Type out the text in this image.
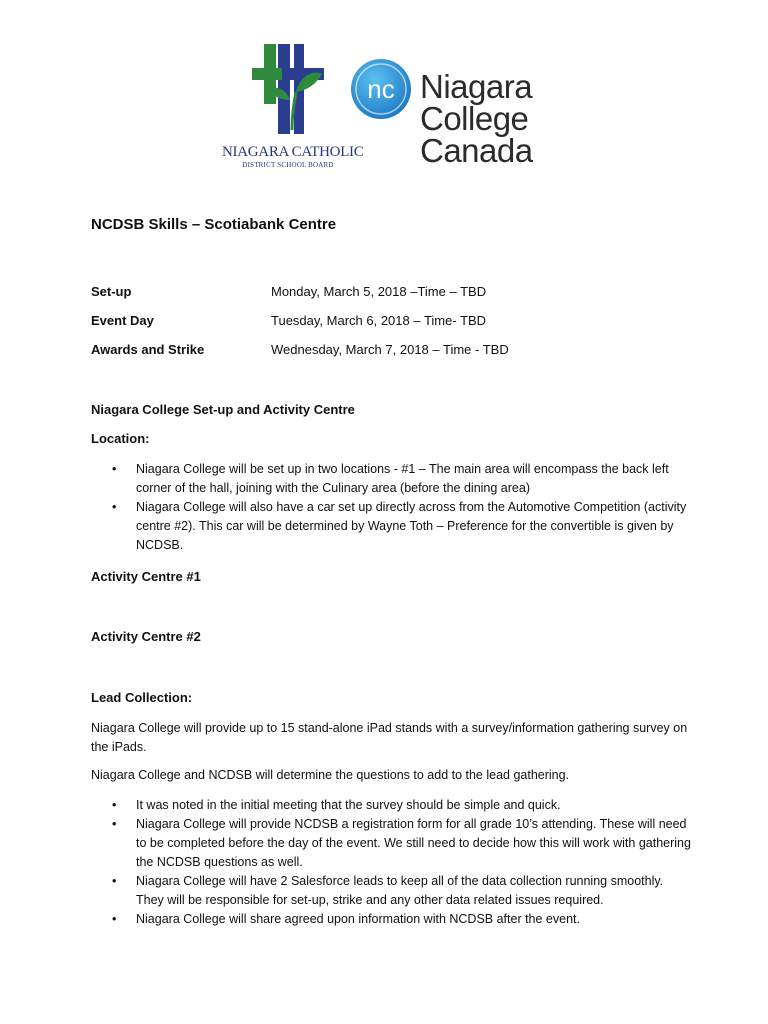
NIAGARA CATHOLIC
DISTRICT SCHOOL BOARD
nc Niagara
College
Canada
NCDSB Skills – Scotiabank Centre
Set-up	Monday, March 5, 2018 –Time – TBD
Event Day	Tuesday, March 6, 2018 – Time- TBD
Awards and Strike	Wednesday, March 7, 2018 – Time - TBD
Niagara College Set-up and Activity Centre
Location:
• Niagara College will be set up in two locations - #1 – The main area will encompass the back left corner of the hall, joining with the Culinary area (before the dining area)
• Niagara College will also have a car set up directly across from the Automotive Competition (activity centre #2). This car will be determined by Wayne Toth – Preference for the convertible is given by NCDSB.
Activity Centre #1
Activity Centre #2
Lead Collection:
Niagara College will provide up to 15 stand-alone iPad stands with a survey/information gathering survey on the iPads.
Niagara College and NCDSB will determine the questions to add to the lead gathering.
• It was noted in the initial meeting that the survey should be simple and quick.
• Niagara College will provide NCDSB a registration form for all grade 10’s attending. These will need to be completed before the day of the event. We still need to decide how this will work with gathering the NCDSB questions as well.
• Niagara College will have 2 Salesforce leads to keep all of the data collection running smoothly. They will be responsible for set-up, strike and any other data related issues required.
• Niagara College will share agreed upon information with NCDSB after the event.
